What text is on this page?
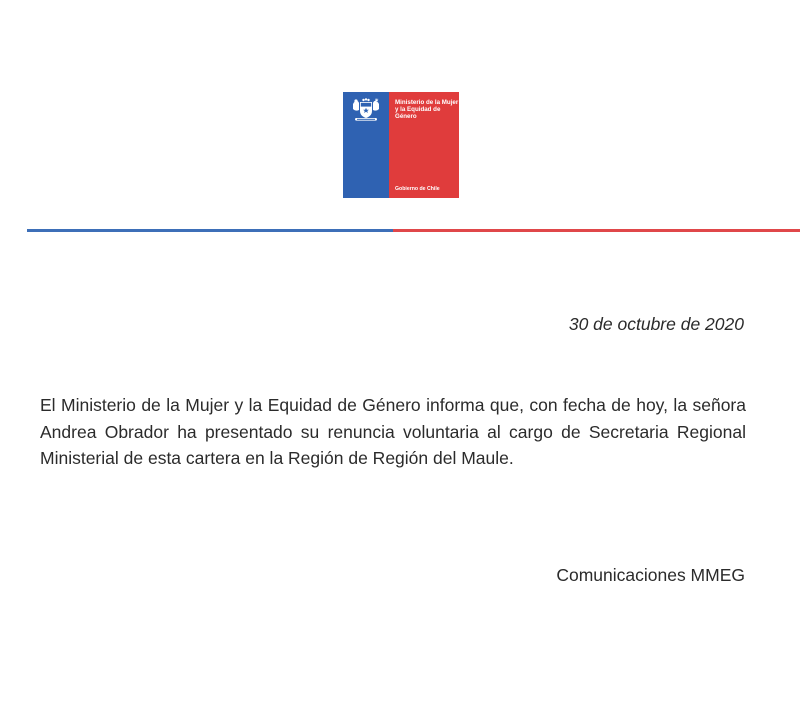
Ministerio de la Mujer y la Equidad de Género
Gobierno de Chile
30 de octubre de 2020
El Ministerio de la Mujer y la Equidad de Género informa que, con fecha de hoy, la señora Andrea Obrador ha presentado su renuncia voluntaria al cargo de Secretaria Regional Ministerial de esta cartera en la Región de Región del Maule.
Comunicaciones MMEG
